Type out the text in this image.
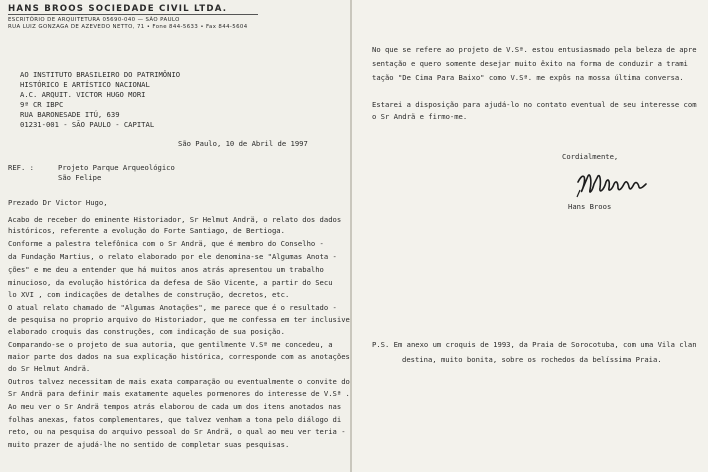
HANS BROOS SOCIEDADE CIVIL LTDA.
ESCRITÓRIO DE ARQUITETURA 05690-040 — SÃO PAULO
RUA LUIZ GONZAGA DE AZEVEDO NETTO, 71 • Fone 844-5633 • Fax 844-5604
AO INSTITUTO BRASILEIRO DO PATRIMÔNIO
HISTÓRICO E ARTÍSTICO NACIONAL
A.C. ARQUIT. VICTOR HUGO MORI
9ª CR IBPC
RUA BARONESADE ITÚ, 639
01231-001 - SÃO PAULO - CAPITAL
São Paulo, 10 de Abril de 1997
REF. :	Projeto Parque Arqueológico
São Felipe
Prezado Dr Victor Hugo,
Acabo de receber do eminente Historiador, Sr Helmut Andrä, o relato dos dados
históricos, referente a evolução do Forte Santiago, de Bertioga.
Conforme a palestra telefônica com o Sr Andrä, que é membro do Conselho -
da Fundação Martius, o relato elaborado por ele denomina-se "Algumas Anota -
ções" e me deu a entender que há muitos anos atrás apresentou um trabalho
minucioso, da evolução histórica da defesa de São Vicente, a partir do Secu
lo XVI , com indicações de detalhes de construção, decretos, etc.
O atual relato chamado de "Algumas Anotações", me parece que é o resultado -
de pesquisa no proprio arquivo do Historiador, que me confessa em ter inclusive
elaborado croquis das construções, com indicação de sua posição.
Comparando-se o projeto de sua autoria, que gentilmente V.Sª me concedeu, a
maior parte dos dados na sua explicação histórica, corresponde com as anotações
do Sr Helmut Andrä.
Outros talvez necessitam de mais exata comparação ou eventualmente o convite do
Sr Andrä para definir mais exatamente aqueles pormenores do interesse de V.Sª .
Ao meu ver o Sr Andrä tempos atrás elaborou de cada um dos itens anotados nas
folhas anexas, fatos complementares, que talvez venham a tona pelo diálogo di
reto, ou na pesquisa do arquivo pessoal do Sr Andrä, o qual ao meu ver teria -
muito prazer de ajudá-lhe no sentido de completar suas pesquisas.
No que se refere ao projeto de V.Sª. estou entusiasmado pela beleza de apre
sentação e quero somente desejar muito êxito na forma de conduzir a trami
tação "De Cima Para Baixo" como V.Sª. me expôs na mossa última conversa.
Estarei a disposição para ajudá-lo no contato eventual de seu interesse com
o Sr Andrä e firmo-me.
Cordialmente,
Hans Broos
P.S. Em anexo um croquis de 1993, da Praia de Sorocotuba, com uma Vila clan
destina, muito bonita, sobre os rochedos da belíssima Praia.
